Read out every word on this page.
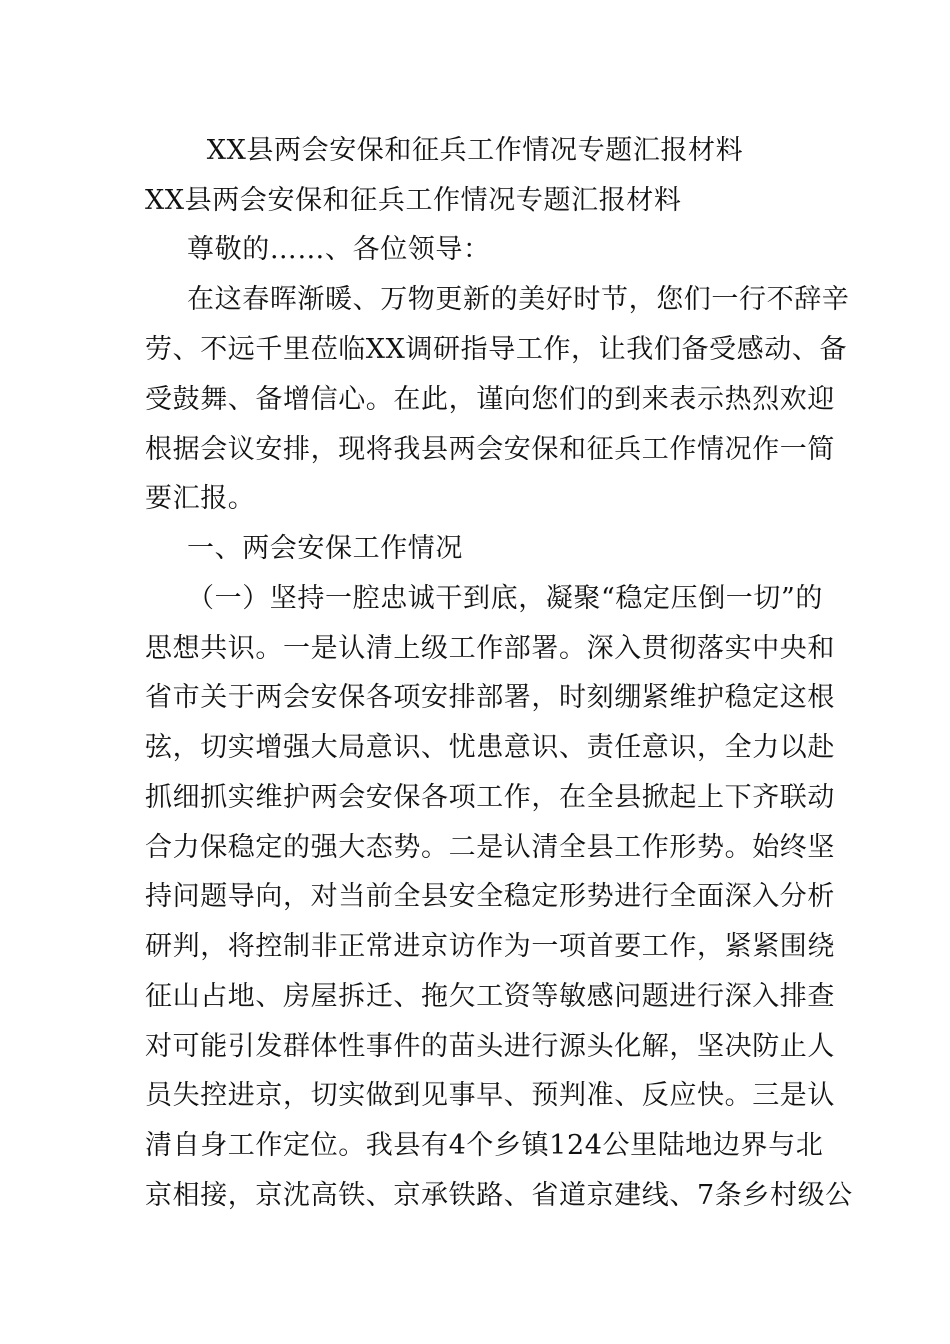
XX县两会安保和征兵工作情况专题汇报材料
XX县两会安保和征兵工作情况专题汇报材料
尊敬的……、各位领导：
在这春晖渐暖、万物更新的美好时节，您们一行不辞辛
劳、不远千里莅临XX调研指导工作，让我们备受感动、备
受鼓舞、备增信心。在此，谨向您们的到来表示热烈欢迎
根据会议安排，现将我县两会安保和征兵工作情况作一简
要汇报。
一、两会安保工作情况
（一）坚持一腔忠诚干到底，凝聚“稳定压倒一切”的
思想共识。一是认清上级工作部署。深入贯彻落实中央和
省市关于两会安保各项安排部署，时刻绷紧维护稳定这根
弦，切实增强大局意识、忧患意识、责任意识，全力以赴
抓细抓实维护两会安保各项工作，在全县掀起上下齐联动
合力保稳定的强大态势。二是认清全县工作形势。始终坚
持问题导向，对当前全县安全稳定形势进行全面深入分析
研判，将控制非正常进京访作为一项首要工作，紧紧围绕
征山占地、房屋拆迁、拖欠工资等敏感问题进行深入排查
对可能引发群体性事件的苗头进行源头化解，坚决防止人
员失控进京，切实做到见事早、预判准、反应快。三是认
清自身工作定位。我县有4个乡镇124公里陆地边界与北
京相接，京沈高铁、京承铁路、省道京建线、7条乡村级公
